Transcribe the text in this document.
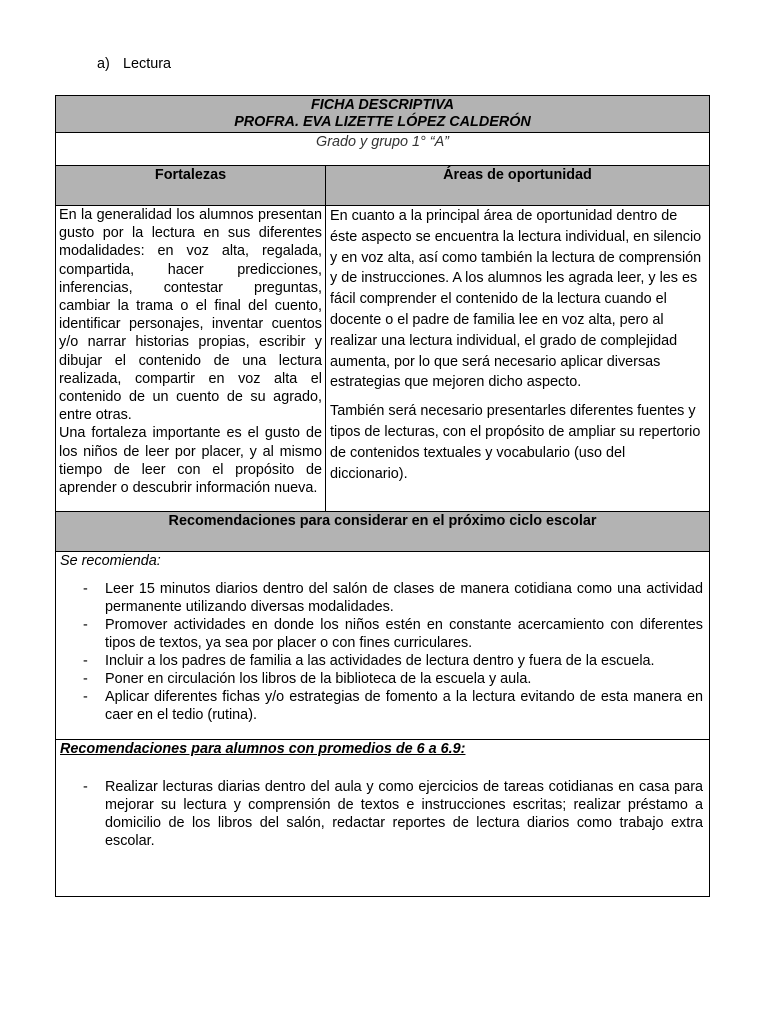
a) Lectura
FICHA DESCRIPTIVA
PROFRA. EVA LIZETTE LÓPEZ CALDERÓN
Grado y grupo 1° “A”
Fortalezas	Áreas de oportunidad

En la generalidad los alumnos presentan gusto por la lectura en sus diferentes modalidades: en voz alta, regalada, compartida, hacer predicciones, inferencias, contestar preguntas, cambiar la trama o el final del cuento, identificar personajes, inventar cuentos y/o narrar historias propias, escribir y dibujar el contenido de una lectura realizada, compartir en voz alta el contenido de un cuento de su agrado, entre otras.

Una fortaleza importante es el gusto de los niños de leer por placer, y al mismo tiempo de leer con el propósito de aprender o descubrir información nueva.

En cuanto a la principal área de oportunidad dentro de éste aspecto se encuentra la lectura individual, en silencio y en voz alta, así como también la lectura de comprensión y de instrucciones. A los alumnos les agrada leer, y les es fácil comprender el contenido de la lectura cuando el docente o el padre de familia lee en voz alta, pero al realizar una lectura individual, el grado de complejidad aumenta, por lo que será necesario aplicar diversas estrategias que mejoren dicho aspecto.

También será necesario presentarles diferentes fuentes y tipos de lecturas, con el propósito de ampliar su repertorio de contenidos textuales y vocabulario (uso del diccionario).

Recomendaciones para considerar en el próximo ciclo escolar

Se recomienda:

- Leer 15 minutos diarios dentro del salón de clases de manera cotidiana como una actividad permanente utilizando diversas modalidades.
- Promover actividades en donde los niños estén en constante acercamiento con diferentes tipos de textos, ya sea por placer o con fines curriculares.
- Incluir a los padres de familia a las actividades de lectura dentro y fuera de la escuela.
- Poner en circulación los libros de la biblioteca de la escuela y aula.
- Aplicar diferentes fichas y/o estrategias de fomento a la lectura evitando de esta manera en caer en el tedio (rutina).
Recomendaciones para alumnos con promedios de 6 a 6.9:
- Realizar lecturas diarias dentro del aula y como ejercicios de tareas cotidianas en casa para mejorar su lectura y comprensión de textos e instrucciones escritas; realizar préstamo a domicilio de los libros del salón, redactar reportes de lectura diarios como trabajo extra escolar.
